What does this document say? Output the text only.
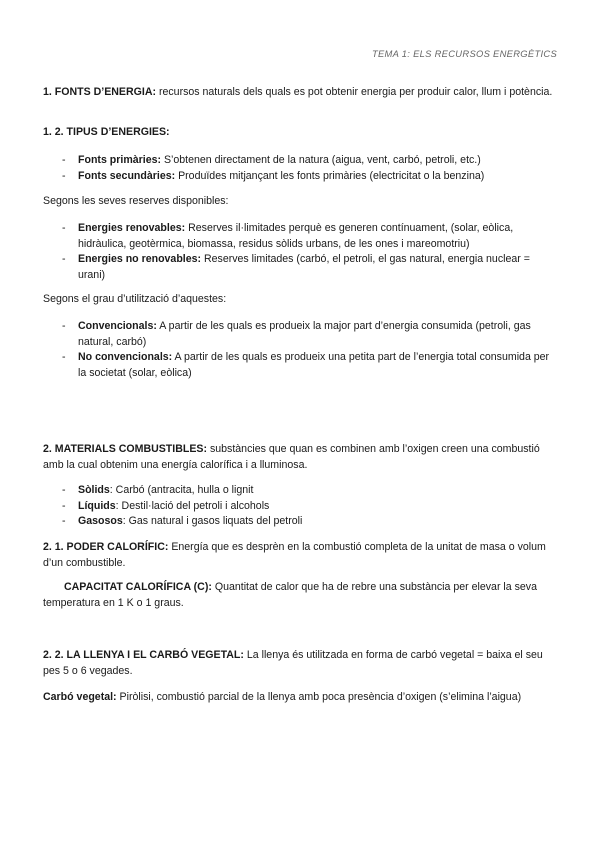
TEMA 1: ELS RECURSOS ENERGÈTICS
1. FONTS D’ENERGIA: recursos naturals dels quals es pot obtenir energia per produir calor, llum i potència.
1. 2. TIPUS D’ENERGIES:
- Fonts primàries: S’obtenen directament de la natura (aigua, vent, carbó, petroli, etc.)
- Fonts secundàries: Produïdes mitjançant les fonts primàries (electricitat o la benzina)
Segons les seves reserves disponibles:
- Energies renovables: Reserves il·limitades perquè es generen contínuament, (solar, eòlica, hidràulica, geotèrmica, biomassa, residus sòlids urbans, de les ones i mareomotriu)
- Energies no renovables: Reserves limitades (carbó, el petroli, el gas natural, energia nuclear = urani)
Segons el grau d’utilització d’aquestes:
- Convencionals: A partir de les quals es produeix la major part d’energia consumida (petroli, gas natural, carbó)
- No convencionals: A partir de les quals es produeix una petita part de l’energia total consumida per la societat (solar, eòlica)
2. MATERIALS COMBUSTIBLES: substàncies que quan es combinen amb l’oxigen creen una combustió amb la cual obtenim una energía calorífica i a lluminosa.
- Sòlids: Carbó (antracita, hulla o lignit
- Líquids: Destil·lació del petroli i alcohols
- Gasosos: Gas natural i gasos liquats del petroli
2. 1. PODER CALORÍFIC: Energía que es desprèn en la combustió completa de la unitat de masa o volum d’un combustible.
CAPACITAT CALORÍFICA (C): Quantitat de calor que ha de rebre una substància per elevar la seva temperatura en 1 K o 1 graus.
2. 2. LA LLENYA I EL CARBÓ VEGETAL: La llenya és utilitzada en forma de carbó vegetal = baixa el seu pes 5 o 6 vegades.
Carbó vegetal: Piròlisi, combustió parcial de la llenya amb poca presència d’oxigen (s’elimina l’aigua)
